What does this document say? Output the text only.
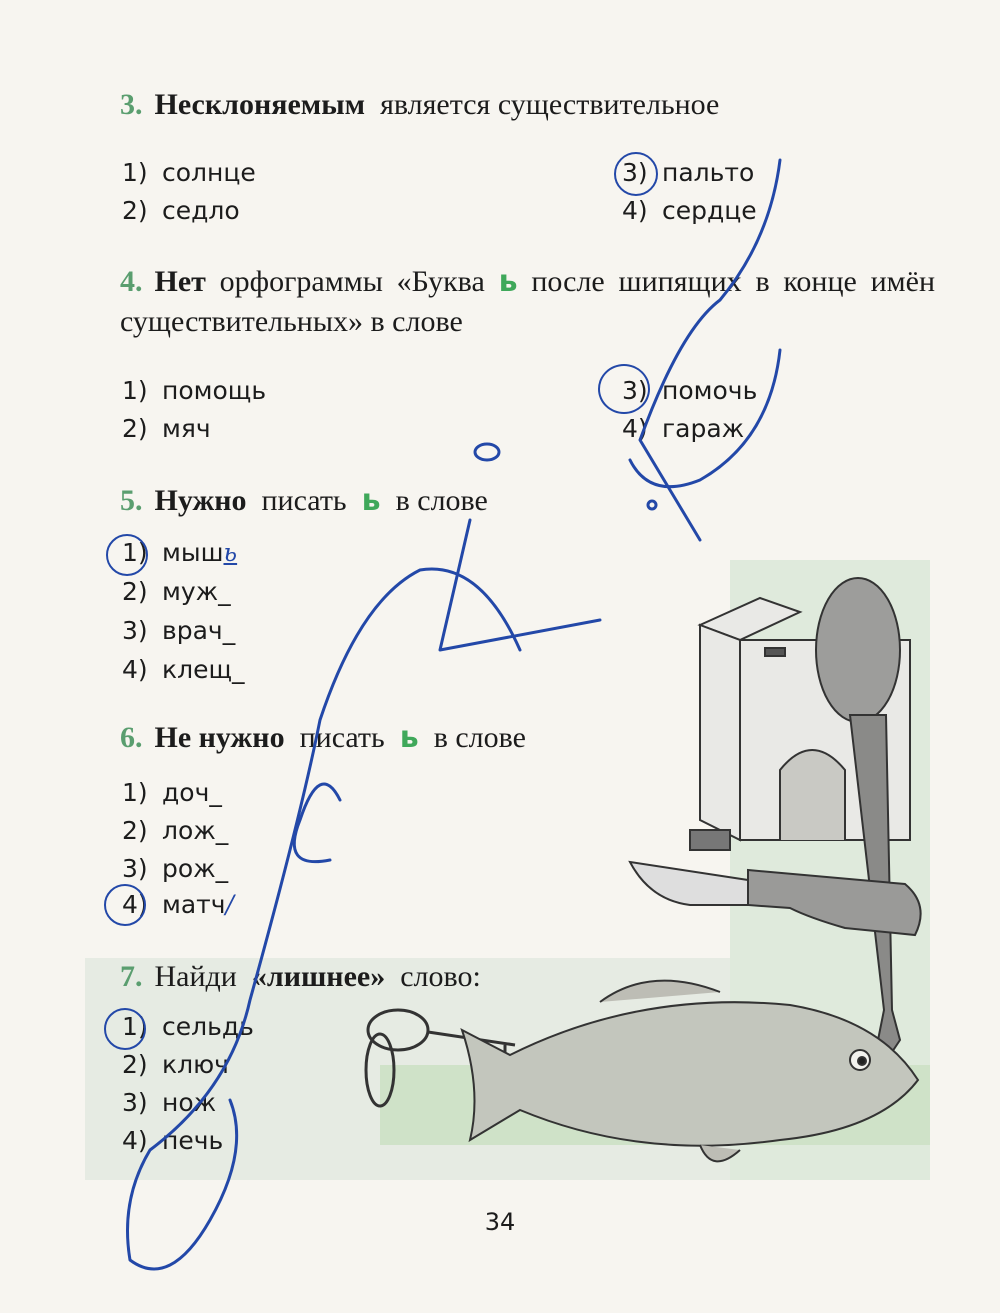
3. Несклоняемым является существительное
1) солнце
2) седло
3) пальто
4) сердце
4. Нет орфограммы «Буква ь после шипящих в конце имён существительных» в слове
1) помощь
2) мяч
3) помочь
4) гараж
5. Нужно писать ь в слове
1) мышь
2) муж_
3) врач_
4) клещ_
6. Не нужно писать ь в слове
1) доч_
2) лож_
3) рож_
4) матч/
7. Найди «лишнее» слово:
1) сельдь
2) ключ
3) нож
4) печь
34
